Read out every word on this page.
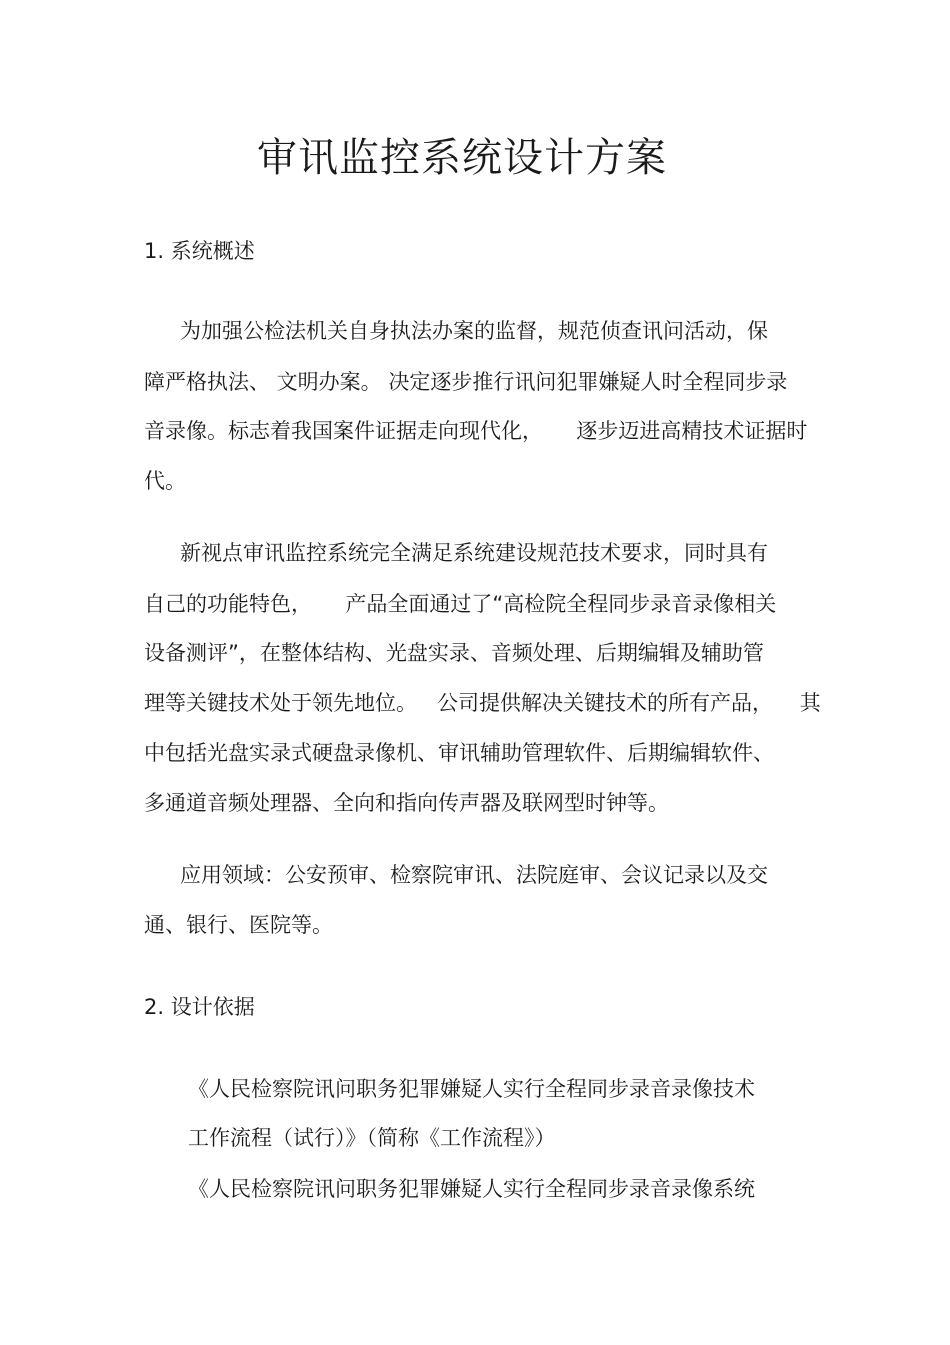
审讯监控系统设计方案
1. 系统概述
为加强公检法机关自身执法办案的监督，规范侦查讯问活动，保
障严格执法、 文明办案。 决定逐步推行讯问犯罪嫌疑人时全程同步录
音录像。标志着我国案件证据走向现代化，     逐步迈进高精技术证据时
代。
新视点审讯监控系统完全满足系统建设规范技术要求，同时具有
自己的功能特色，     产品全面通过了“高检院全程同步录音录像相关
设备测评”，在整体结构、光盘实录、音频处理、后期编辑及辅助管
理等关键技术处于领先地位。   公司提供解决关键技术的所有产品，    其
中包括光盘实录式硬盘录像机、审讯辅助管理软件、后期编辑软件、
多通道音频处理器、全向和指向传声器及联网型时钟等。
应用领域：公安预审、检察院审讯、法院庭审、会议记录以及交
通、银行、医院等。
2. 设计依据
《人民检察院讯问职务犯罪嫌疑人实行全程同步录音录像技术
工作流程（试行）》（简称《工作流程》）
《人民检察院讯问职务犯罪嫌疑人实行全程同步录音录像系统
